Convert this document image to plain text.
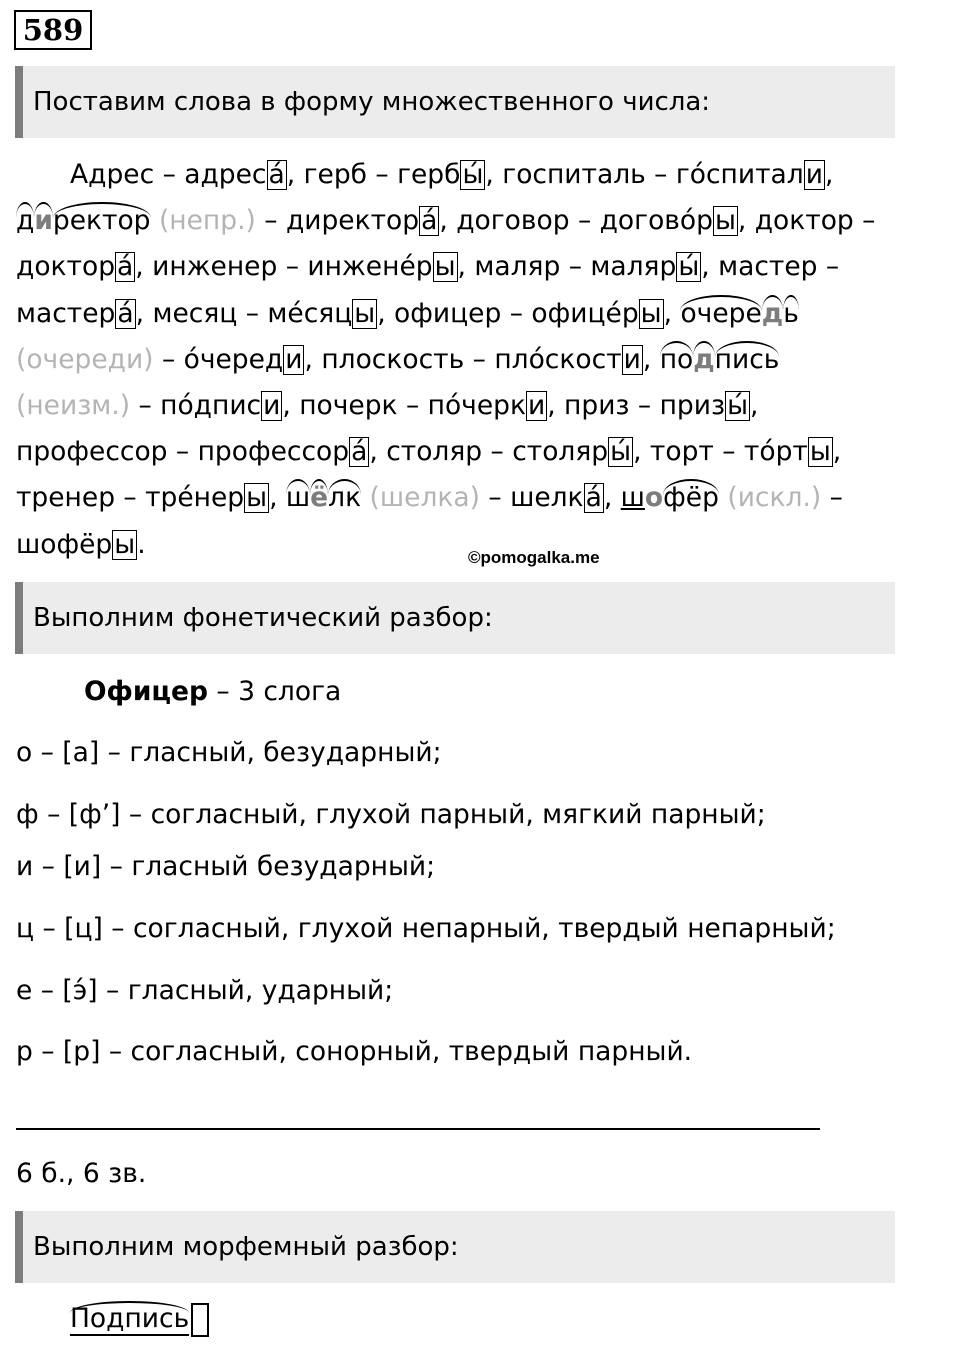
589
Поставим слова в форму множественного числа:
Адрес – адреса́, герб – гербы́, госпиталь – го́спитали,
директор (непр.) – директора́, договор – догово́ры, доктор –
доктора́, инженер – инжене́ры, маляр – маляры́, мастер –
мастера́, месяц – ме́сяцы, офицер – офице́ры, очередь
(очереди) – о́череди, плоскость – пло́скости, подпись
(неизм.) – по́дписи, почерк – по́черки, приз – призы́,
профессор – профессора́, столяр – столяры́, торт – то́рты,
тренер – тре́неры, шёлк (шелка) – шелка́, шофёр (искл.) –
шофёры.	©pomogalka.me
Выполним фонетический разбор:
Офицер – 3 слога
о – [а] – гласный, безударный;
ф – [ф’] – согласный, глухой парный, мягкий парный;
и – [и] – гласный безударный;
ц – [ц] – согласный, глухой непарный, твердый непарный;
е – [э́] – гласный, ударный;
р – [р] – согласный, сонорный, твердый парный.
6 б., 6 зв.
Выполним морфемный разбор:
Подпись
